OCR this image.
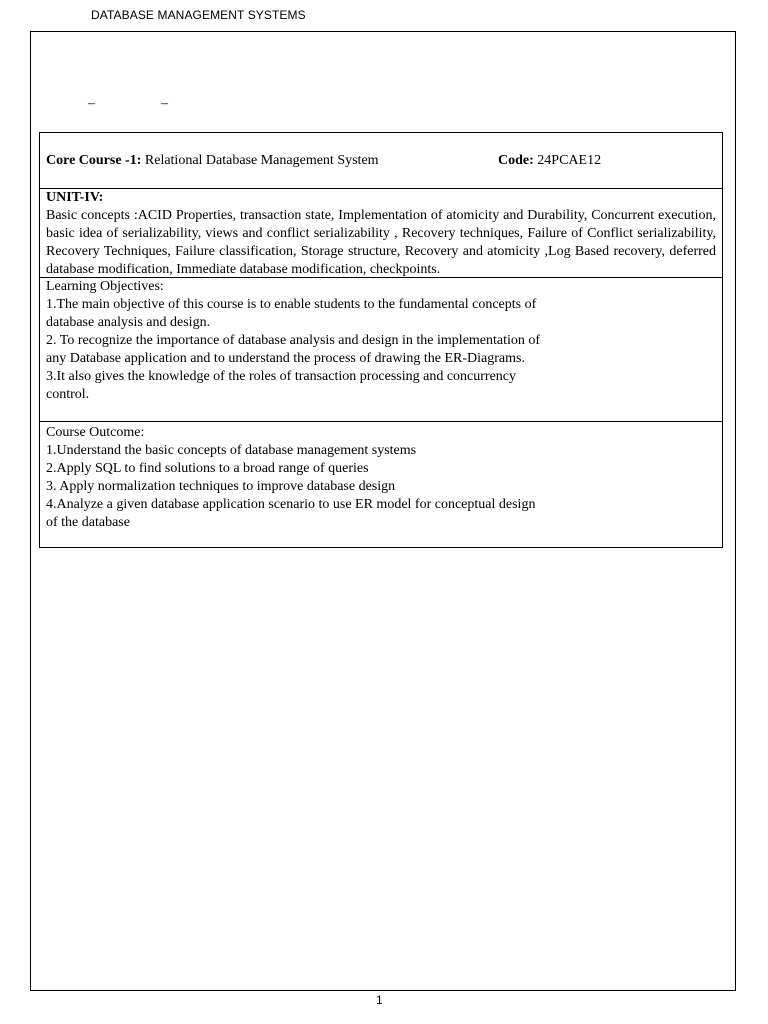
DATABASE MANAGEMENT SYSTEMS
–	–
Core Course -1: Relational Database Management System	Code: 24PCAE12
UNIT-IV:
Basic concepts :ACID Properties, transaction state, Implementation of atomicity and Durability, Concurrent execution, basic idea of serializability, views and conflict serializability , Recovery techniques, Failure of Conflict serializability, Recovery Techniques, Failure classification, Storage structure, Recovery and atomicity ,Log Based recovery, deferred database modification, Immediate database modification, checkpoints.
Learning Objectives:
1.The main objective of this course is to enable students to the fundamental concepts of
database analysis and design.
2. To recognize the importance of database analysis and design in the implementation of
any Database application and to understand the process of drawing the ER-Diagrams.
3.It also gives the knowledge of the roles of transaction processing and concurrency
control.
Course Outcome:
1.Understand the basic concepts of database management systems
2.Apply SQL to find solutions to a broad range of queries
3. Apply normalization techniques to improve database design
4.Analyze a given database application scenario to use ER model for conceptual design
of the database
1
